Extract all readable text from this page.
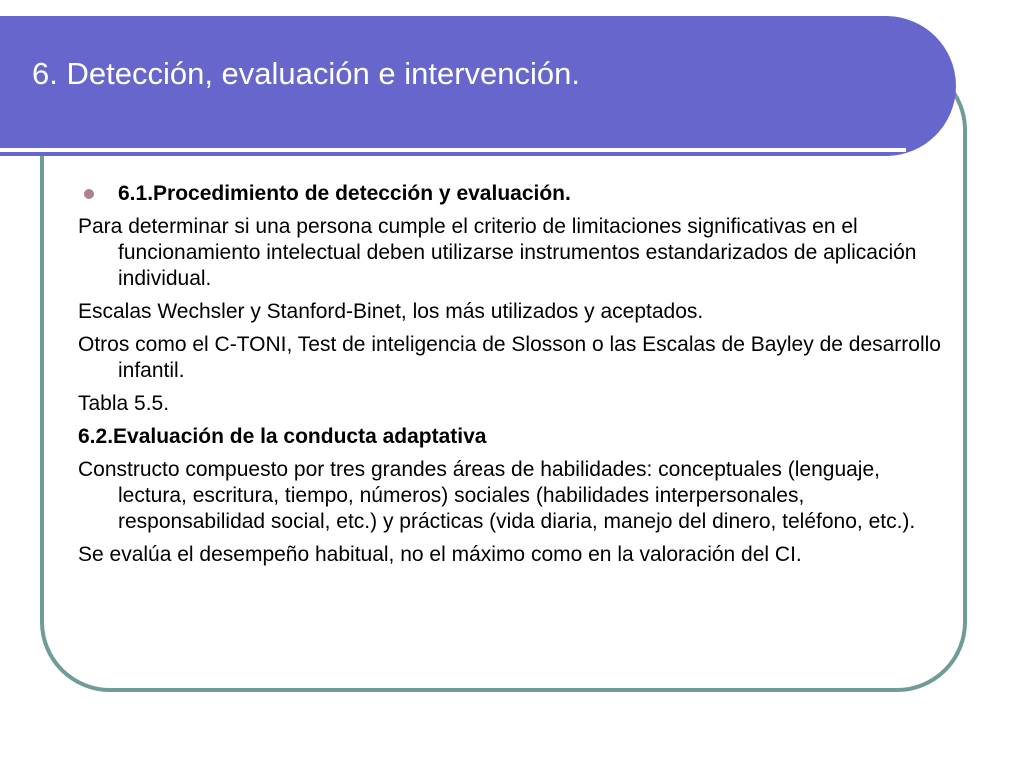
6. Detección, evaluación e intervención.

6.1.Procedimiento de detección y evaluación.

Para determinar si una persona cumple el criterio de limitaciones significativas en el funcionamiento intelectual deben utilizarse instrumentos estandarizados de aplicación individual.

Escalas Wechsler y Stanford-Binet, los más utilizados y aceptados.

Otros como el C-TONI, Test de inteligencia de Slosson o las Escalas de Bayley de desarrollo infantil.

Tabla 5.5.

6.2.Evaluación de la conducta adaptativa

Constructo compuesto por tres grandes áreas de habilidades: conceptuales (lenguaje, lectura, escritura, tiempo, números) sociales (habilidades interpersonales, responsabilidad social, etc.) y prácticas (vida diaria, manejo del dinero, teléfono, etc.).

Se evalúa el desempeño habitual, no el máximo como en la valoración del CI.
